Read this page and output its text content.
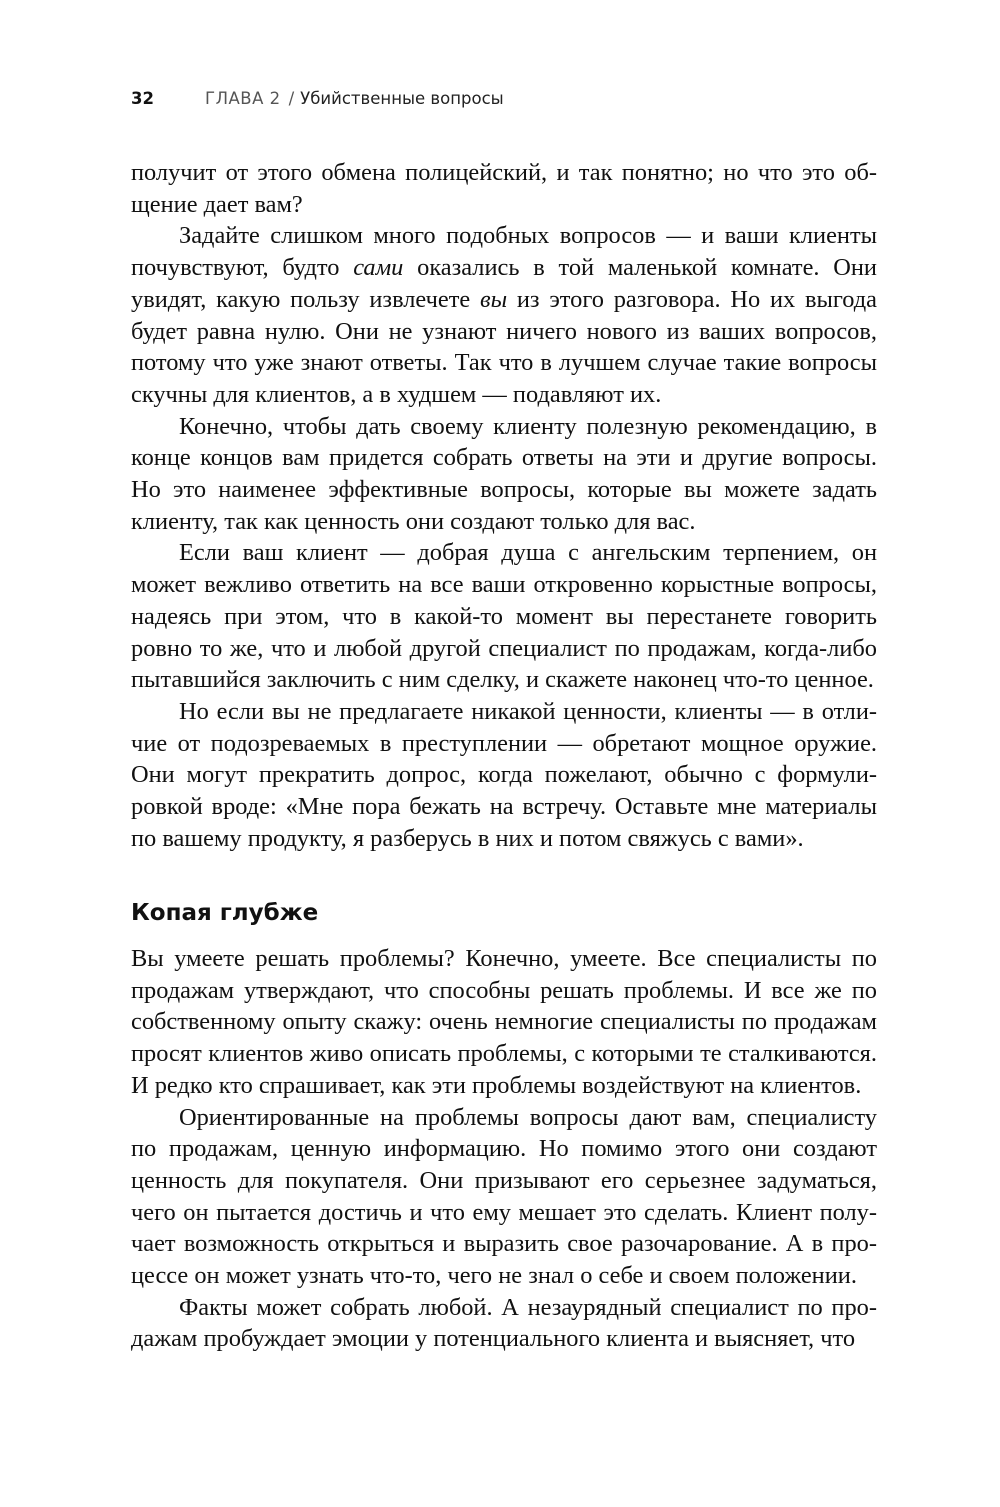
32	ГЛАВА 2 / Убийственные вопросы

получит от этого обмена полицейский, и так понятно; но что это общение дает вам?

Задайте слишком много подобных вопросов — и ваши клиенты почувствуют, будто сами оказались в той маленькой комнате. Они увидят, какую пользу извлечете вы из этого разговора. Но их выгода будет равна нулю. Они не узнают ничего нового из ваших вопросов, потому что уже знают ответы. Так что в лучшем случае такие вопросы скучны для клиентов, а в худшем — подавляют их.

Конечно, чтобы дать своему клиенту полезную рекомендацию, в конце концов вам придется собрать ответы на эти и другие вопросы. Но это наименее эффективные вопросы, которые вы можете задать клиенту, так как ценность они создают только для вас.

Если ваш клиент — добрая душа с ангельским терпением, он может вежливо ответить на все ваши откровенно корыстные вопросы, надеясь при этом, что в какой-то момент вы перестанете говорить ровно то же, что и любой другой специалист по продажам, когда-либо пытавшийся заключить с ним сделку, и скажете наконец что-то ценное.

Но если вы не предлагаете никакой ценности, клиенты — в отличие от подозреваемых в преступлении — обретают мощное оружие. Они могут прекратить допрос, когда пожелают, обычно с формулировкой вроде: «Мне пора бежать на встречу. Оставьте мне материалы по вашему продукту, я разберусь в них и потом свяжусь с вами».

Копая глубже

Вы умеете решать проблемы? Конечно, умеете. Все специалисты по продажам утверждают, что способны решать проблемы. И все же по собственному опыту скажу: очень немногие специалисты по продажам просят клиентов живо описать проблемы, с которыми те сталкиваются. И редко кто спрашивает, как эти проблемы воздействуют на клиентов.

Ориентированные на проблемы вопросы дают вам, специалисту по продажам, ценную информацию. Но помимо этого они создают ценность для покупателя. Они призывают его серьезнее задуматься, чего он пытается достичь и что ему мешает это сделать. Клиент получает возможность открыться и выразить свое разочарование. А в процессе он может узнать что-то, чего не знал о себе и своем положении.

Факты может собрать любой. А незаурядный специалист по продажам пробуждает эмоции у потенциального клиента и выясняет, что
